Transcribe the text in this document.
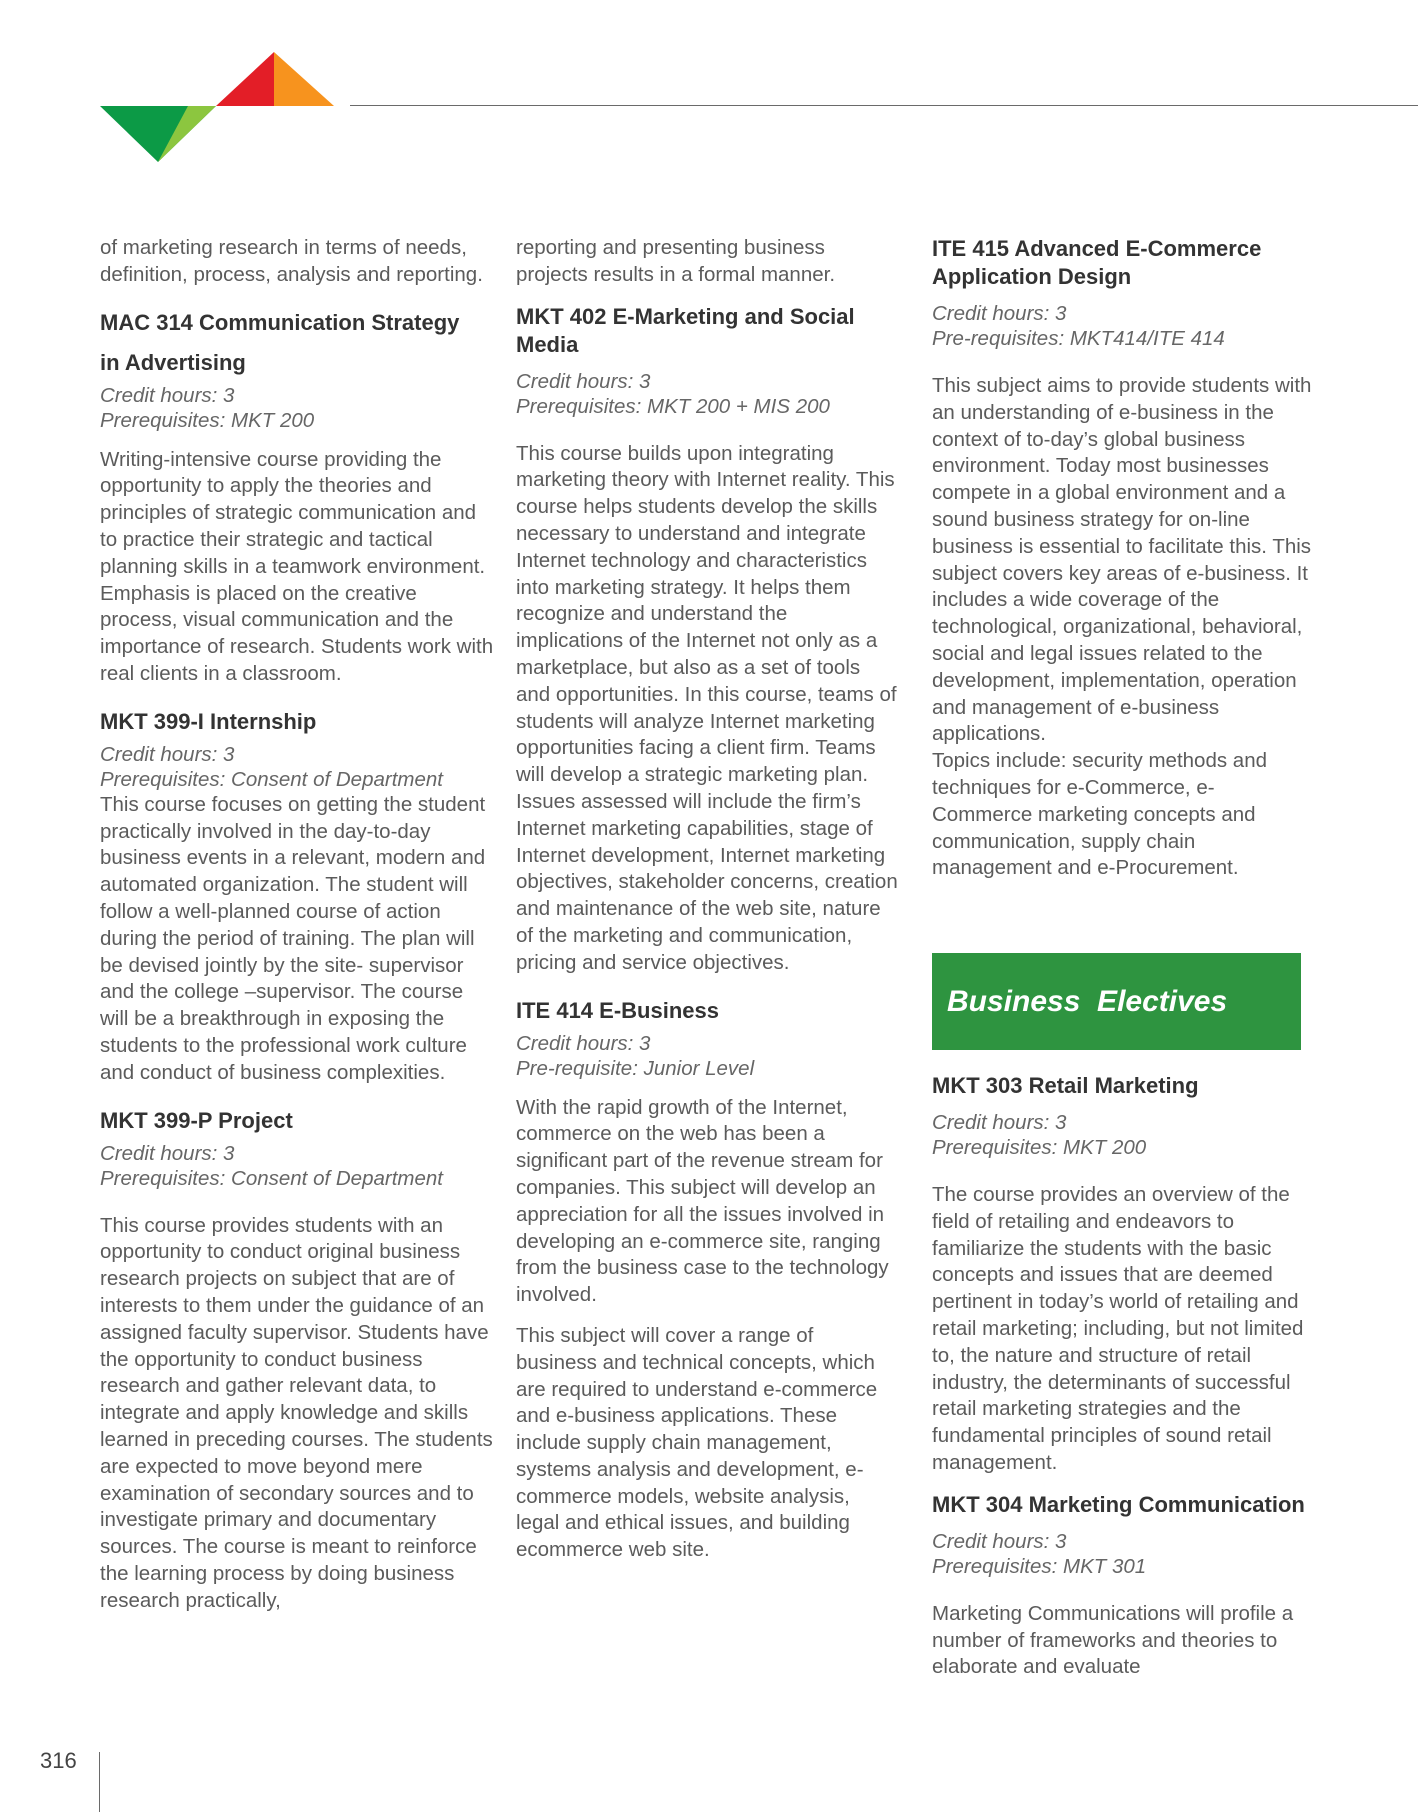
of marketing research in terms of needs, definition, process, analysis and reporting.

MAC 314 Communication Strategy

in Advertising

Credit hours: 3

Prerequisites: MKT 200

Writing-intensive course providing the opportunity to apply the theories and principles of strategic communication and to practice their strategic and tactical planning skills in a teamwork environment. Emphasis is placed on the creative process, visual communication and the importance of research. Students work with real clients in a classroom.

MKT 399-I Internship

Credit hours: 3

Prerequisites: Consent of Department

This course focuses on getting the student practically involved in the day-to-day business events in a relevant, modern and automated organization. The student will follow a well-planned course of action during the period of training. The plan will be devised jointly by the site- supervisor and the college –supervisor. The course will be a breakthrough in exposing the students to the professional work culture and conduct of business complexities.

MKT 399-P Project

Credit hours: 3

Prerequisites: Consent of Department

This course provides students with an opportunity to conduct original business research projects on subject that are of interests to them under the guidance of an assigned faculty supervisor. Students have the opportunity to conduct business research and gather relevant data, to integrate and apply knowledge and skills learned in preceding courses. The students are expected to move beyond mere examination of secondary sources and to investigate primary and documentary sources. The course is meant to reinforce the learning process by doing business research practically,

reporting and presenting business projects results in a formal manner.

MKT 402 E-Marketing and Social Media

Credit hours: 3

Prerequisites: MKT 200 + MIS 200

This course builds upon integrating marketing theory with Internet reality. This course helps students develop the skills necessary to understand and integrate Internet technology and characteristics into marketing strategy. It helps them recognize and understand the implications of the Internet not only as a marketplace, but also as a set of tools and opportunities. In this course, teams of students will analyze Internet marketing opportunities facing a client firm. Teams will develop a strategic marketing plan. Issues assessed will include the firm’s Internet marketing capabilities, stage of Internet development, Internet marketing objectives, stakeholder concerns, creation and maintenance of the web site, nature of the marketing and communication, pricing and service objectives.

ITE 414 E-Business

Credit hours: 3

Pre-requisite: Junior Level

With the rapid growth of the Internet, commerce on the web has been a significant part of the revenue stream for companies. This subject will develop an appreciation for all the issues involved in developing an e-commerce site, ranging from the business case to the technology involved.

This subject will cover a range of business and technical concepts, which are required to understand e-commerce and e-business applications. These include supply chain management, systems analysis and development, e-commerce models, website analysis, legal and ethical issues, and building ecommerce web site.

ITE 415 Advanced E-Commerce Application Design

Credit hours: 3

Pre-requisites: MKT414/ITE 414

This subject aims to provide students with an understanding of e-business in the context of to-day’s global business environment. Today most businesses compete in a global environment and a sound business strategy for on-line business is essential to facilitate this. This subject covers key areas of e-business. It includes a wide coverage of the technological, organizational, behavioral, social and legal issues related to the development, implementation, operation and management of e-business applications.

Topics include: security methods and techniques for e-Commerce, e-Commerce marketing concepts and communication, supply chain management and e-Procurement.

Business  Electives

MKT 303 Retail Marketing

Credit hours: 3

Prerequisites: MKT 200

The course provides an overview of the field of retailing and endeavors to familiarize the students with the basic concepts and issues that are deemed pertinent in today’s world of retailing and retail marketing; including, but not limited to, the nature and structure of retail industry, the determinants of successful retail marketing strategies and the fundamental principles of sound retail management.

MKT 304 Marketing Communication

Credit hours: 3

Prerequisites: MKT 301

Marketing Communications will profile a number of frameworks and theories to elaborate and evaluate

316
